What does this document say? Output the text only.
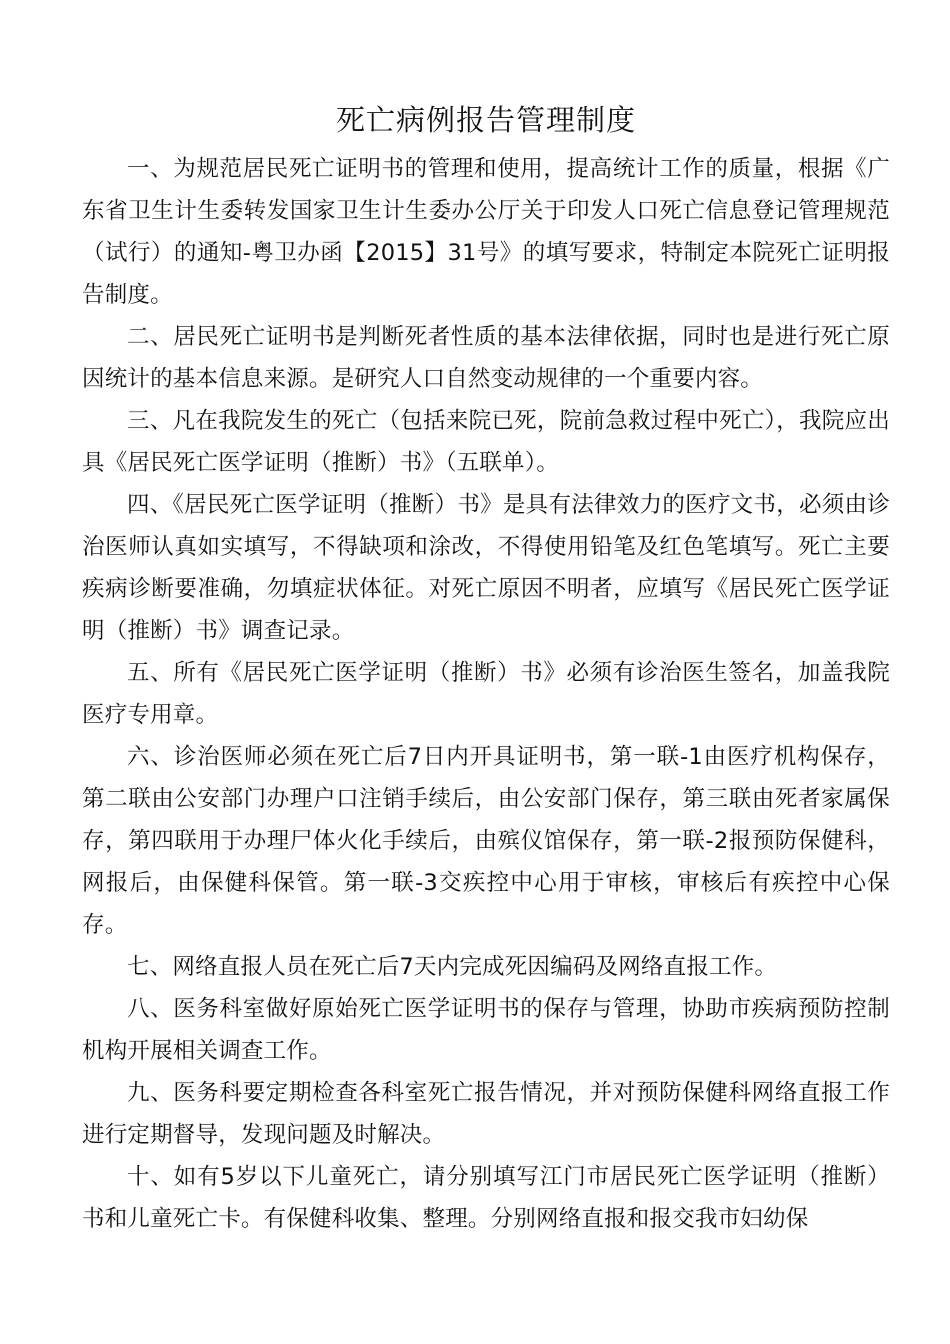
死亡病例报告管理制度

一、为规范居民死亡证明书的管理和使用，提高统计工作的质量，根据《广东省卫生计生委转发国家卫生计生委办公厅关于印发人口死亡信息登记管理规范（试行）的通知-粤卫办函【2015】31号》的填写要求，特制定本院死亡证明报告制度。

二、居民死亡证明书是判断死者性质的基本法律依据，同时也是进行死亡原因统计的基本信息来源。是研究人口自然变动规律的一个重要内容。

三、凡在我院发生的死亡（包括来院已死，院前急救过程中死亡），我院应出具《居民死亡医学证明（推断）书》（五联单）。

四、《居民死亡医学证明（推断）书》是具有法律效力的医疗文书，必须由诊治医师认真如实填写，不得缺项和涂改，不得使用铅笔及红色笔填写。死亡主要疾病诊断要准确，勿填症状体征。对死亡原因不明者，应填写《居民死亡医学证明（推断）书》调查记录。

五、所有《居民死亡医学证明（推断）书》必须有诊治医生签名，加盖我院医疗专用章。

六、诊治医师必须在死亡后7日内开具证明书，第一联-1由医疗机构保存，第二联由公安部门办理户口注销手续后，由公安部门保存，第三联由死者家属保存，第四联用于办理尸体火化手续后，由殡仪馆保存，第一联-2报预防保健科，网报后，由保健科保管。第一联-3交疾控中心用于审核，审核后有疾控中心保存。

七、网络直报人员在死亡后7天内完成死因编码及网络直报工作。

八、医务科室做好原始死亡医学证明书的保存与管理，协助市疾病预防控制机构开展相关调查工作。

九、医务科要定期检查各科室死亡报告情况，并对预防保健科网络直报工作进行定期督导，发现问题及时解决。

十、如有5岁以下儿童死亡，请分别填写江门市居民死亡医学证明（推断）书和儿童死亡卡。有保健科收集、整理。分别网络直报和报交我市妇幼保
